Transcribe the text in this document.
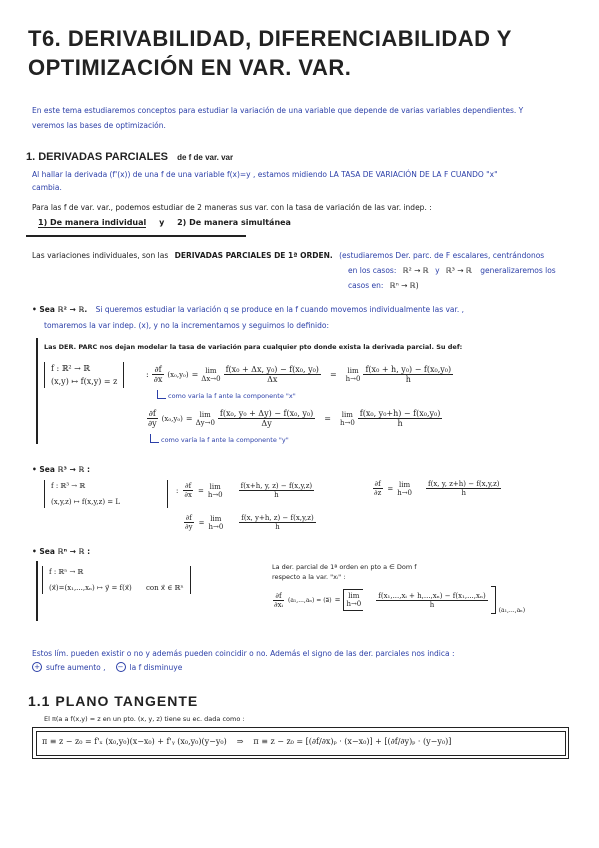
T6. DERIVABILIDAD, DIFERENCIABILIDAD Y OPTIMIZACIÓN EN VAR. VAR.
En este tema estudiaremos conceptos para estudiar la variación de una variable que depende de varias variables dependientes. Y
veremos las bases de optimización.
1. DERIVADAS PARCIALES de f de var. var
Al hallar la derivada (f'(x)) de una f de una variable f(x)=y , estamos midiendo LA TASA DE VARIACIÓN DE LA F CUANDO "x"
cambia.
Para las f de var. var., podemos estudiar de 2 maneras sus var. con la tasa de variación de las var. indep. :
1) De manera individual y 2) De manera simultánea
Las variaciones individuales, son las DERIVADAS PARCIALES DE 1ª ORDEN. (estudiaremos Der. parc. de F escalares, centrándonos
en los casos: ℝ² → ℝ y ℝ³ → ℝ generalizaremos los
casos en: ℝⁿ → ℝ)
• Sea ℝ² → ℝ. Si queremos estudiar la variación q se produce en la f cuando movemos individualmente las var. ,
tomaremos la var indep. (x), y no la incrementamos y seguimos lo definido:
Las DER. PARC nos dejan modelar la tasa de variación para cualquier pto donde exista la derivada parcial. Su def:
f : ℝ² → ℝ
(x,y) ↦ f(x,y) = z
: $\frac{\partial f}{\partial x} (x_0,y_0) = \lim$
$\Delta x\to 0 \frac{\text{f(x₀ + Δx, y₀) − f(x₀, y₀)}}{\Delta x} = \lim$
$h\to 0 \frac{\text{f(x₀ + h, y₀) − f(x₀,y₀)}}{h}$
como varía la f ante la componente "x"
$\frac{\partial f}{\partial y} (x_0,y_0) = \lim$
$\Delta y\to 0 \frac{\text{f(x₀, y₀ + Δy) − f(x₀, y₀)}}{\Delta y} = \lim$
$h\to 0 \frac{\text{f(x₀, y₀+h) − f(x₀,y₀)}}{h}$
como varía la f ante la componente "y"
• Sea ℝ³ → ℝ :
f : ℝ³ → ℝ
(x,y,z) ↦ f(x,y,z) = L
: $\frac{\partial f}{\partial x} = \lim$
$h\to 0 \frac{f(x+h, y, z) - f(x,y,z)}{h}$	$\frac{\partial f}{\partial z} = \lim$
$h\to 0 \frac{f(x, y, z+h) - f(x,y,z)}{h}$
$\frac{\partial f}{\partial y} = \lim$
$h\to 0 \frac{f(x, y+h, z) - f(x,y,z)}{h}$
• Sea ℝⁿ → ℝ :
f : ℝⁿ → ℝ
(x⃗)=(x₁,...,xₙ) ↦ y⃗ = f(x⃗) con x⃗ ∈ ℝⁿ
La der. parcial de 1ª orden en pto a ∈ Dom f
respecto a la var. "xᵢ" :
$\frac{\partial f}{\text{∂xᵢ}} (a_1,...,a_n)$ = (a⃗) = lim
$h\to 0 \frac{\text{f(x₁,...,xᵢ + h,...,xₙ) − f(x₁,...,xₙ)}}{h}$
(a₁,...,aₙ)
Estos lím. pueden existir o no y además pueden coincidir o no. Además el signo de las der. parciales nos indica :
+ sufre aumento , − la f disminuye
1.1 PLANO TANGENTE
El π(a a f(x,y) = z en un pto. (x, y, z) tiene su ec. dada como :
π ≡ z − z₀ = f'ₓ (x₀,y₀)(x−x₀) + f'ᵧ (x₀,y₀)(y−y₀) ⇒ π ≡ z − z₀ = [(∂f/∂x)ₚ · (x−x₀)] + [(∂f/∂y)ₚ · (y−y₀)]
